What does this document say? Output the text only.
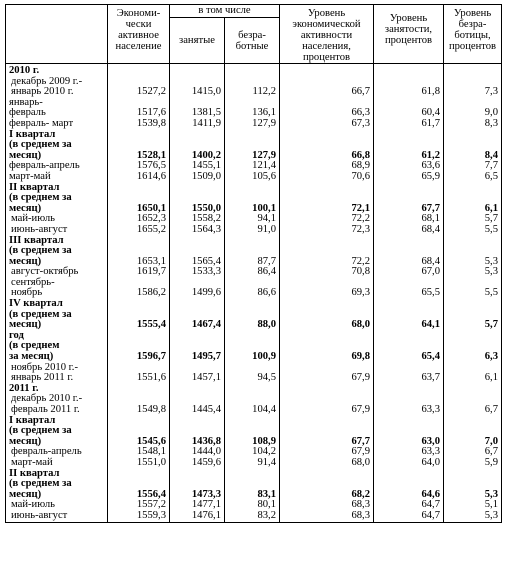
	Экономи-
чески
активное
население	в том числе		Уровень
экономической
активности
населения,
процентов	Уровень
занятости,
процентов	Уровень
безра-
ботицы,
процентов
		занятые	безра-
ботные			
2010 г.						
декабрь 2009 г.-
январь 2010 г.	1527,2	1415,0	112,2	66,7	61,8	7,3
январь-
февраль	1517,6	1381,5	136,1	66,3	60,4	9,0
февраль- март	1539,8	1411,9	127,9	67,3	61,7	8,3
I квартал
(в среднем за
месяц)	1528,1	1400,2	127,9	66,8	61,2	8,4
февраль-апрель	1576,5	1455,1	121,4	68,9	63,6	7,7
март-май	1614,6	1509,0	105,6	70,6	65,9	6,5
II квартал
(в среднем за
месяц)	1650,1	1550,0	100,1	72,1	67,7	6,1
май-июль	1652,3	1558,2	94,1	72,2	68,1	5,7
июнь-август	1655,2	1564,3	91,0	72,3	68,4	5,5
III квартал
(в среднем за
месяц)	1653,1	1565,4	87,7	72,2	68,4	5,3
август-октябрь	1619,7	1533,3	86,4	70,8	67,0	5,3
сентябрь-
ноябрь	1586,2	1499,6	86,6	69,3	65,5	5,5
IV квартал
(в среднем за
месяц)	1555,4	1467,4	88,0	68,0	64,1	5,7
год
(в среднем
за месяц)	1596,7	1495,7	100,9	69,8	65,4	6,3
ноябрь 2010 г.-
январь 2011 г.	1551,6	1457,1	94,5	67,9	63,7	6,1
2011 г.						
декабрь 2010 г.-
февраль 2011 г.	1549,8	1445,4	104,4	67,9	63,3	6,7
I квартал
(в среднем за
месяц)	1545,6	1436,8	108,9	67,7	63,0	7,0
февраль-апрель	1548,1	1444,0	104,2	67,9	63,3	6,7
март-май	1551,0	1459,6	91,4	68,0	64,0	5,9
II квартал
(в среднем за
месяц)	1556,4	1473,3	83,1	68,2	64,6	5,3
май-июль	1557,2	1477,1	80,1	68,3	64,7	5,1
июнь-август	1559,3	1476,1	83,2	68,3	64,7	5,3
